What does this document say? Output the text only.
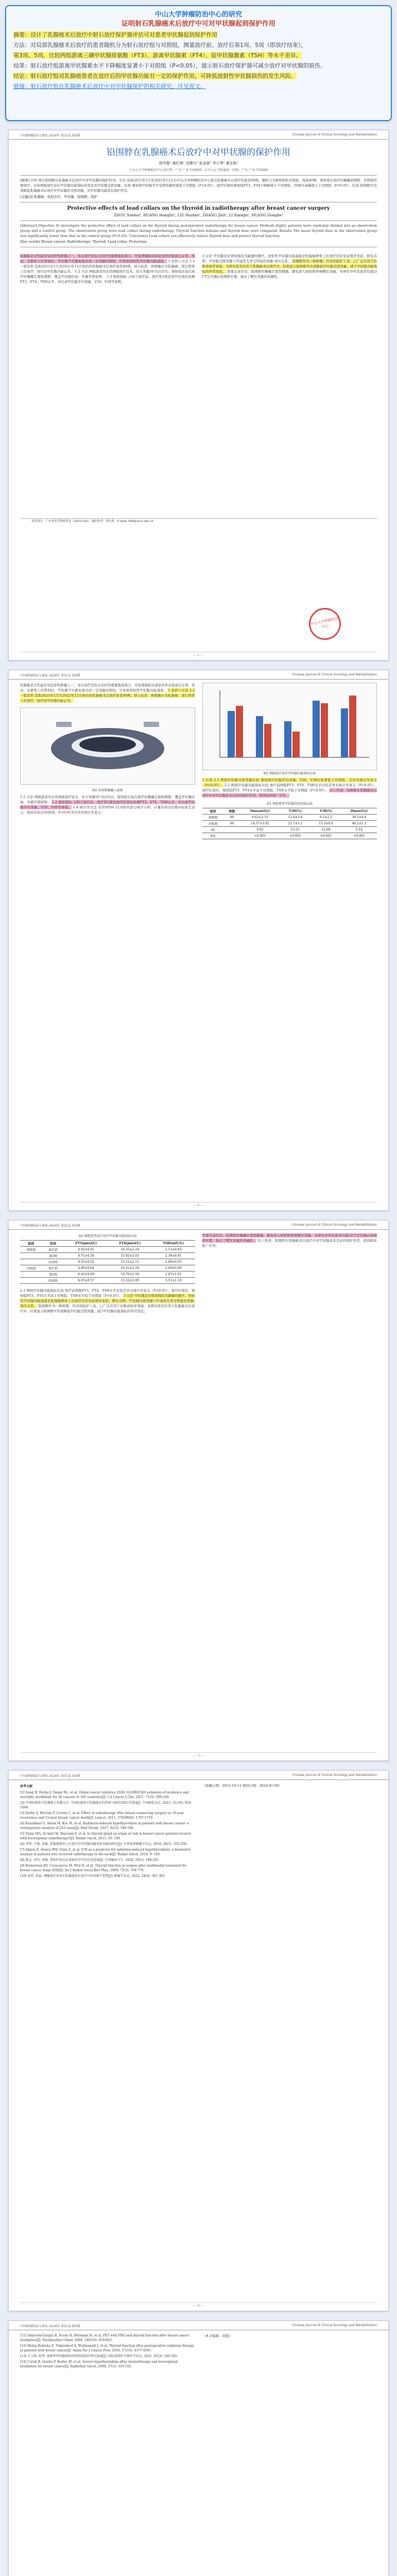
中山大学肿瘤防治中心的研究
证明射石乳腺癌术后放疗中可对甲状腺起到保护作用

摘要：设计了乳腺癌术后放疗中射石放疗保护器评估可对患者甲状腺起到保护作用

方法：对局部乳腺癌术后放疗的患者随机分为射石放疗组与对照组，测量放疗前、放疗后第1周、5周（即放疗结束），

第3周、5周、比较两组游离三碘甲状腺原氨酸（FT3）、游离甲状腺素（FT4）、促甲状腺激素（TSH）等水平差异。

结果：射石放疗组游离甲状腺素水平下降幅度显著小于对照组（P<0.05），提示射石放疗保护器可减少放疗对甲状腺的损伤。

结论：射石放疗组对乳腺癌患者在放疗后的甲状腺功能有一定的保护作用，可降低放射性甲状腺损伤的发生风险。

链接：射石放疗组在乳腺癌术后放疗中对甲状腺保护的相关研究，详见原文。

中国肿瘤临床与康复 2024年 第31卷 第4期	Chinese Journal of Clinical Oncology and Rehabilitation
铅围脖在乳腺癌术后放疗中对甲状腺的保护作用
周学惠¹ 黄红林¹ 刘慧丹¹ 张金丽¹ 李小琴¹ 黄东和²
1.中山大学肿瘤防治中心放疗科，广东 广州 510060；2.中山大学附属第一医院，广东 广州 510080
[摘要] 目的 探讨铅围脖在乳腺癌术后放疗中对甲状腺的保护作用。方法 选取2021年1月至2022年12月在中山大学肿瘤防治中心接受乳腺癌术后放疗的患者80例，随机分为观察组和对照组，每组40例。观察组在放疗时佩戴铅围脖，对照组常规放疗。比较两组放疗前后甲状腺功能指标的变化及甲状腺受照剂量。结果 观察组甲状腺平均受照剂量明显低于对照组（P<0.05）；放疗结束时观察组FT3、FT4下降幅度小于对照组，TSH升高幅度小于对照组（P<0.05）。结论 铅围脖可有效降低乳腺癌术后放疗中甲状腺的受照剂量，对甲状腺功能具有保护作用。
[关键词] 乳腺癌；放射治疗；甲状腺；铅围脖；保护
Protective effects of lead collars on the thyroid in radiotherapy after breast cancer surgery
ZHOU Xuehui¹, HUANG Honglin¹, LIU Huidan¹, ZHANG Jinli¹, LI Xiaoqin¹, HUANG Donghe²
[Abstract] Objective To investigate the protective effect of lead collars on the thyroid during postoperative radiotherapy for breast cancer. Methods Eighty patients were randomly divided into an observation group and a control group. The observation group wore lead collars during radiotherapy. Thyroid function indexes and thyroid dose were compared. Results The mean thyroid dose in the observation group was significantly lower than that in the control group (P<0.05). Conclusion Lead collars can effectively reduce thyroid dose and protect thyroid function.
[Key words] Breast cancer; Radiotherapy; Thyroid; Lead collar; Protection
乳腺癌是女性最常见的恶性肿瘤之一，术后放疗是综合治疗的重要组成部分，可显著降低局部复发率并提高生存率。然而，在锁骨上区照射时，甲状腺不可避免地受到一定剂量的照射，可导致放射性甲状腺功能减退。 1 资料与方法 1.1 一般资料 选取2021年1月至2022年12月收治的乳腺癌术后放疗患者80例。纳入标准：病理确诊为乳腺癌；需行锁骨上区放疗；放疗前甲状腺功能正常。 1.2 方法 两组患者均采用调强放疗技术，处方剂量50 Gy/25次。观察组在每次放疗时佩戴定制铅围脖，覆盖甲状腺区域，并避开照射野。 1.3 观察指标 分别于放疗前、放疗第3周及放疗结束时检测FT3、FT4、TSH水平，并记录甲状腺平均剂量、V20、V30等参数。
3 讨论 甲状腺是对放射线较为敏感的器官，放射性甲状腺功能减退是乳腺癌锁骨上区放疗的常见远期并发症。研究表明，甲状腺受照剂量与甲减发生率呈明显的剂量-效应关系。 铅围脖作为一种简便、经济的防护工具，已广泛应用于诊断放射学领域。本研究将其应用于乳腺癌术后放疗中，结果显示铅围脖可有效降低甲状腺受照剂量，减少甲状腺功能指标的异常变化。 需要注意的是，铅围脖的佩戴位置需精确，避免进入照射野影响靶区剂量。本研究中所有患者均通过CT定位确认铅围脖位置，保证了靶区剂量的准确性。
基金项目：广东省医学科研基金（A2021xxx） 通信作者：黄东和，E-mail: hdh@sysu.edu.cn
— 1 —
中国肿瘤临床与康复 2024年 第31卷 第4期	Chinese Journal of Clinical Oncology and Rehabilitation
乳腺癌是女性最常见的恶性肿瘤之一，术后放疗是综合治疗的重要组成部分，可显著降低局部复发率并提高生存率。然而，在锁骨上区照射时，甲状腺不可避免地受到一定剂量的照射，可导致放射性甲状腺功能减退。 1 资料与方法 1.1 一般资料 选取2021年1月至2022年12月收治的乳腺癌术后放疗患者80例。纳入标准：病理确诊为乳腺癌；需行锁骨上区放疗；放疗前甲状腺功能正常。
图1 铅围脖佩戴示意图
1.2 方法 两组患者均采用调强放疗技术，处方剂量50 Gy/25次。观察组在每次放疗时佩戴定制铅围脖，覆盖甲状腺区域，并避开照射野。 1.3 观察指标 分别于放疗前、放疗第3周及放疗结束时检测FT3、FT4、TSH水平，并记录甲状腺平均剂量、V20、V30等参数。 1.4 统计学方法 采用SPSS 22.0软件进行统计分析，计量资料以均数±标准差表示，组间比较采用t检验，P<0.05为差异有统计学意义。
图2 两组放疗前后甲状腺功能指标比较
2 结果 2.1 两组甲状腺受照剂量比较 观察组甲状腺平均剂量、V20、V30均显著低于对照组，差异有统计学意义（P<0.05）。 2.2 两组甲状腺功能指标比较 放疗前两组FT3、FT4、TSH水平比较差异无统计学意义（P>0.05）；放疗结束时，观察组FT3、FT4水平高于对照组，TSH水平低于对照组（P<0.05）。 综上所述，铅围脖在乳腺癌术后放疗中对甲状腺具有良好的保护作用，值得临床推广应用。
表1 两组患者甲状腺受照剂量比较
组别	例数	Dmean(Gy)	V20(%)	V30(%)	Dmax(Gy)
观察组	40	8.62±2.15	12.4±3.8	6.1±2.2	38.5±4.6
对照组	40	14.37±3.02	25.7±5.1	15.3±4.0	44.2±5.3
t值		9.82	13.21	12.68	5.14
P值		<0.001	<0.001	<0.001	<0.001
— 2 —
中国肿瘤临床与康复 2024年 第31卷 第4期	Chinese Journal of Clinical Oncology and Rehabilitation
表2 两组患者放疗前后甲状腺功能指标比较
组别	时间	FT3(pmol/L)	FT4(pmol/L)	TSH(mIU/L)
观察组	放疗前	4.92±0.61	16.35±2.14	2.11±0.83
	第3周	4.71±0.58	15.82±2.05	2.36±0.91
	结束时	4.55±0.62	15.21±2.11	2.68±0.95
对照组	放疗前	4.89±0.64	16.41±2.20	2.09±0.80
	第3周	4.42±0.60	14.76±2.18	2.87±1.02
	结束时	4.03±0.57	13.52±2.09	3.51±1.14
2.2 两组甲状腺功能指标比较 放疗前两组FT3、FT4、TSH水平比较差异无统计学意义（P>0.05）；放疗结束时，观察组FT3、FT4水平高于对照组，TSH水平低于对照组（P<0.05）。 3 讨论 甲状腺是对放射线较为敏感的器官，放射性甲状腺功能减退是乳腺癌锁骨上区放疗的常见远期并发症。研究表明，甲状腺受照剂量与甲减发生率呈明显的剂量-效应关系。 铅围脖作为一种简便、经济的防护工具，已广泛应用于诊断放射学领域。本研究将其应用于乳腺癌术后放疗中，结果显示铅围脖可有效降低甲状腺受照剂量，减少甲状腺功能指标的异常变化。
需要注意的是，铅围脖的佩戴位置需精确，避免进入照射野影响靶区剂量。本研究中所有患者均通过CT定位确认铅围脖位置，保证了靶区剂量的准确性。 综上所述，铅围脖在乳腺癌术后放疗中对甲状腺具有良好的保护作用，值得临床推广应用。
— 3 —
中国肿瘤临床与康复 2024年 第31卷 第4期	Chinese Journal of Clinical Oncology and Rehabilitation
参考文献
[1] Sung H, Ferlay J, Siegel RL, et al. Global cancer statistics 2020: GLOBOCAN estimates of incidence and mortality worldwide for 36 cancers in 185 countries[J]. CA Cancer J Clin, 2021, 71(3): 209-249.
[2] 中国抗癌协会乳腺癌专业委员会. 中国抗癌协会乳腺癌诊治指南与规范(2021年版)[J]. 中国癌症杂志, 2021, 31(10): 954-1040.
[3] Darby S, McGale P, Correa C, et al. Effect of radiotherapy after breast-conserving surgery on 10-year recurrence and 15-year breast cancer death[J]. Lancet, 2011, 378(9804): 1707-1716.
[4] Kanyilmaz G, Aktan M, Koc M, et al. Radiation-induced hypothyroidism in patients with breast cancer: a retrospective analysis of 243 cases[J]. Med Dosim, 2017, 42(3): 190-196.
[5] Tunio MA, Al Asiri M, Bayoumi Y, et al. Is thyroid gland an organ at risk in breast cancer patients treated with locoregional radiotherapy?[J]. Radiat Oncol, 2015, 10: 100.
[6] 李华, 王静, 张敏. 乳腺癌锁骨上区放疗后甲状腺功能变化的临床研究[J]. 中华放射肿瘤学杂志, 2019, 28(5): 355-358.
[7] Akgun Z, Atasoy BM, Ozen Z, et al. V30 as a predictor for radiation-induced hypothyroidism: a dosimetric analysis in patients who received radiotherapy to the neck[J]. Radiat Oncol, 2014, 9: 104.
[8] 陈志, 刘洋, 周强. 铅防护用品在放射诊疗中的应用进展[J]. 中国辐射卫生, 2020, 29(2): 198-201.
[9] Reinertsen KV, Cvancarova M, Wist E, et al. Thyroid function in women after multimodal treatment for breast cancer stage II/III[J]. Int J Radiat Oncol Biol Phys, 2009, 75(3): 764-770.
[10] 黄伟, 孙磊. 调强放疗技术在乳腺癌术后放疗中的剂量学优势[J]. 肿瘤学杂志, 2022, 28(4): 301-305.
（收稿日期：2023-10-12 修回日期：2024-01-08）
— 4 —
中国肿瘤临床与康复 2024年 第31卷 第4期	Chinese Journal of Clinical Oncology and Rehabilitation
[11] Smyczek-Gargya B, Fersis N, Dittmann H, et al. PET with FDG and thyroid function after breast cancer irradiation[J]. Strahlenther Onkol, 2004, 180(10): 659-663.
[12] Wolny-Rokicka E, Tukiendorf A, Wydmanski J, et al. Thyroid function after postoperative radiation therapy in patients with breast cancer[J]. Asian Pac J Cancer Prev, 2016, 17(10): 4577-4581.
[13] 王小燕, 赵明. 放射性甲状腺损伤的机制及防护研究进展[J]. 国际放射医学核医学杂志, 2021, 45(3): 180-185.
[14] Cutuli B, Quetin P, Rodier JF, et al. Severe hypothyroidism after chemotherapy and locoregional irradiation for breast cancer[J]. Radiother Oncol, 2000, 57(1): 103-105.
（本文编辑：刘艳）

中山大学肿瘤防治中心
